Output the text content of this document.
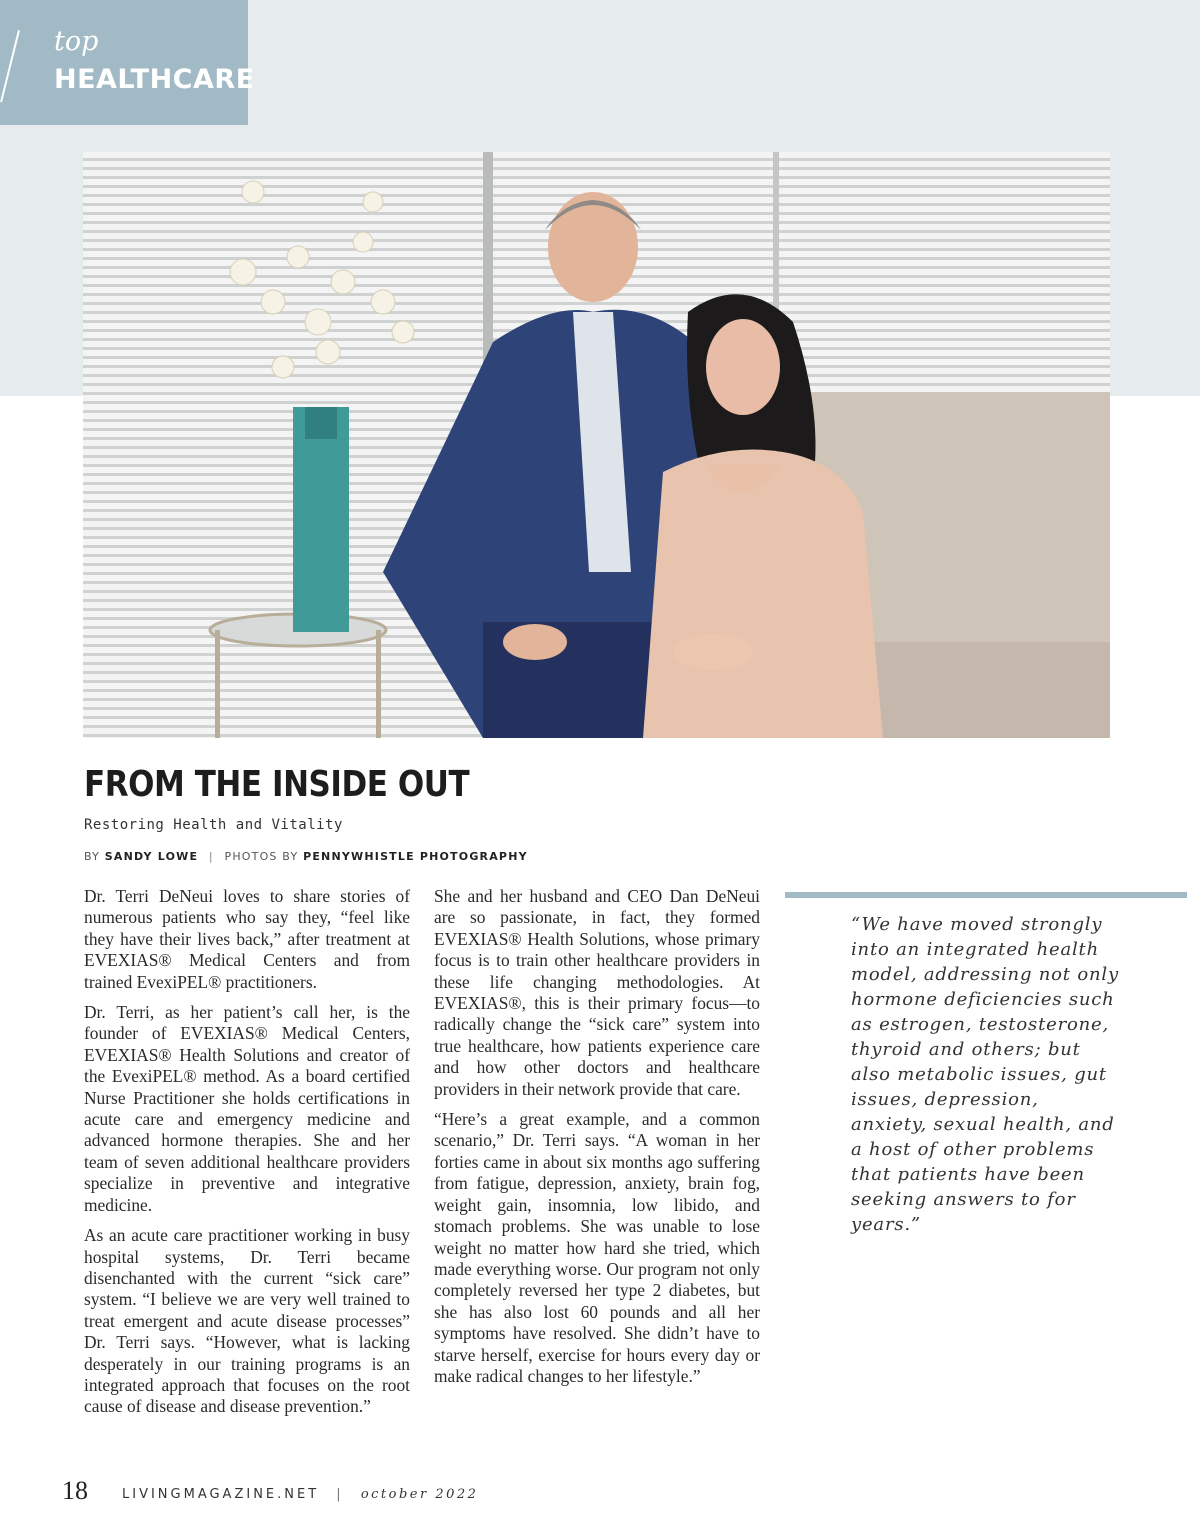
top
HEALTHCARE
FROM THE INSIDE OUT
Restoring Health and Vitality
BY SANDY LOWE | PHOTOS BY PENNYWHISTLE PHOTOGRAPHY

Dr. Terri DeNeui loves to share stories of numerous patients who say they, “feel like they have their lives back,” after treatment at EVEXIAS® Medical Centers and from trained EvexiPEL® practitioners.

Dr. Terri, as her patient’s call her, is the founder of EVEXIAS® Medical Centers, EVEXIAS® Health Solutions and creator of the EvexiPEL® method. As a board certified Nurse Practitioner she holds certifications in acute care and emergency medicine and advanced hormone therapies. She and her team of seven additional healthcare providers specialize in preventive and integrative medicine.

As an acute care practitioner working in busy hospital systems, Dr. Terri became disenchanted with the current “sick care” system. “I believe we are very well trained to treat emergent and acute disease processes” Dr. Terri says. “However, what is lacking desperately in our training programs is an integrated approach that focuses on the root cause of disease and disease prevention.”

She and her husband and CEO Dan DeNeui are so passionate, in fact, they formed EVEXIAS® Health Solutions, whose primary focus is to train other healthcare providers in these life changing methodologies. At EVEXIAS®, this is their primary focus—to radically change the “sick care” system into true healthcare, how patients experience care and how other doctors and healthcare providers in their network provide that care.

“Here’s a great example, and a common scenario,” Dr. Terri says. “A woman in her forties came in about six months ago suffering from fatigue, depression, anxiety, brain fog, weight gain, insomnia, low libido, and stomach problems. She was unable to lose weight no matter how hard she tried, which made everything worse. Our program not only completely reversed her type 2 diabetes, but she has also lost 60 pounds and all her symptoms have resolved. She didn’t have to starve herself, exercise for hours every day or make radical changes to her lifestyle.”

“We have moved strongly into an integrated health model, addressing not only hormone deficiencies such as estrogen, testosterone, thyroid and others; but also metabolic issues, gut issues, depression, anxiety, sexual health, and a host of other problems that patients have been seeking answers to for years.”
18	LIVINGMAGAZINE.NET | october 2022
